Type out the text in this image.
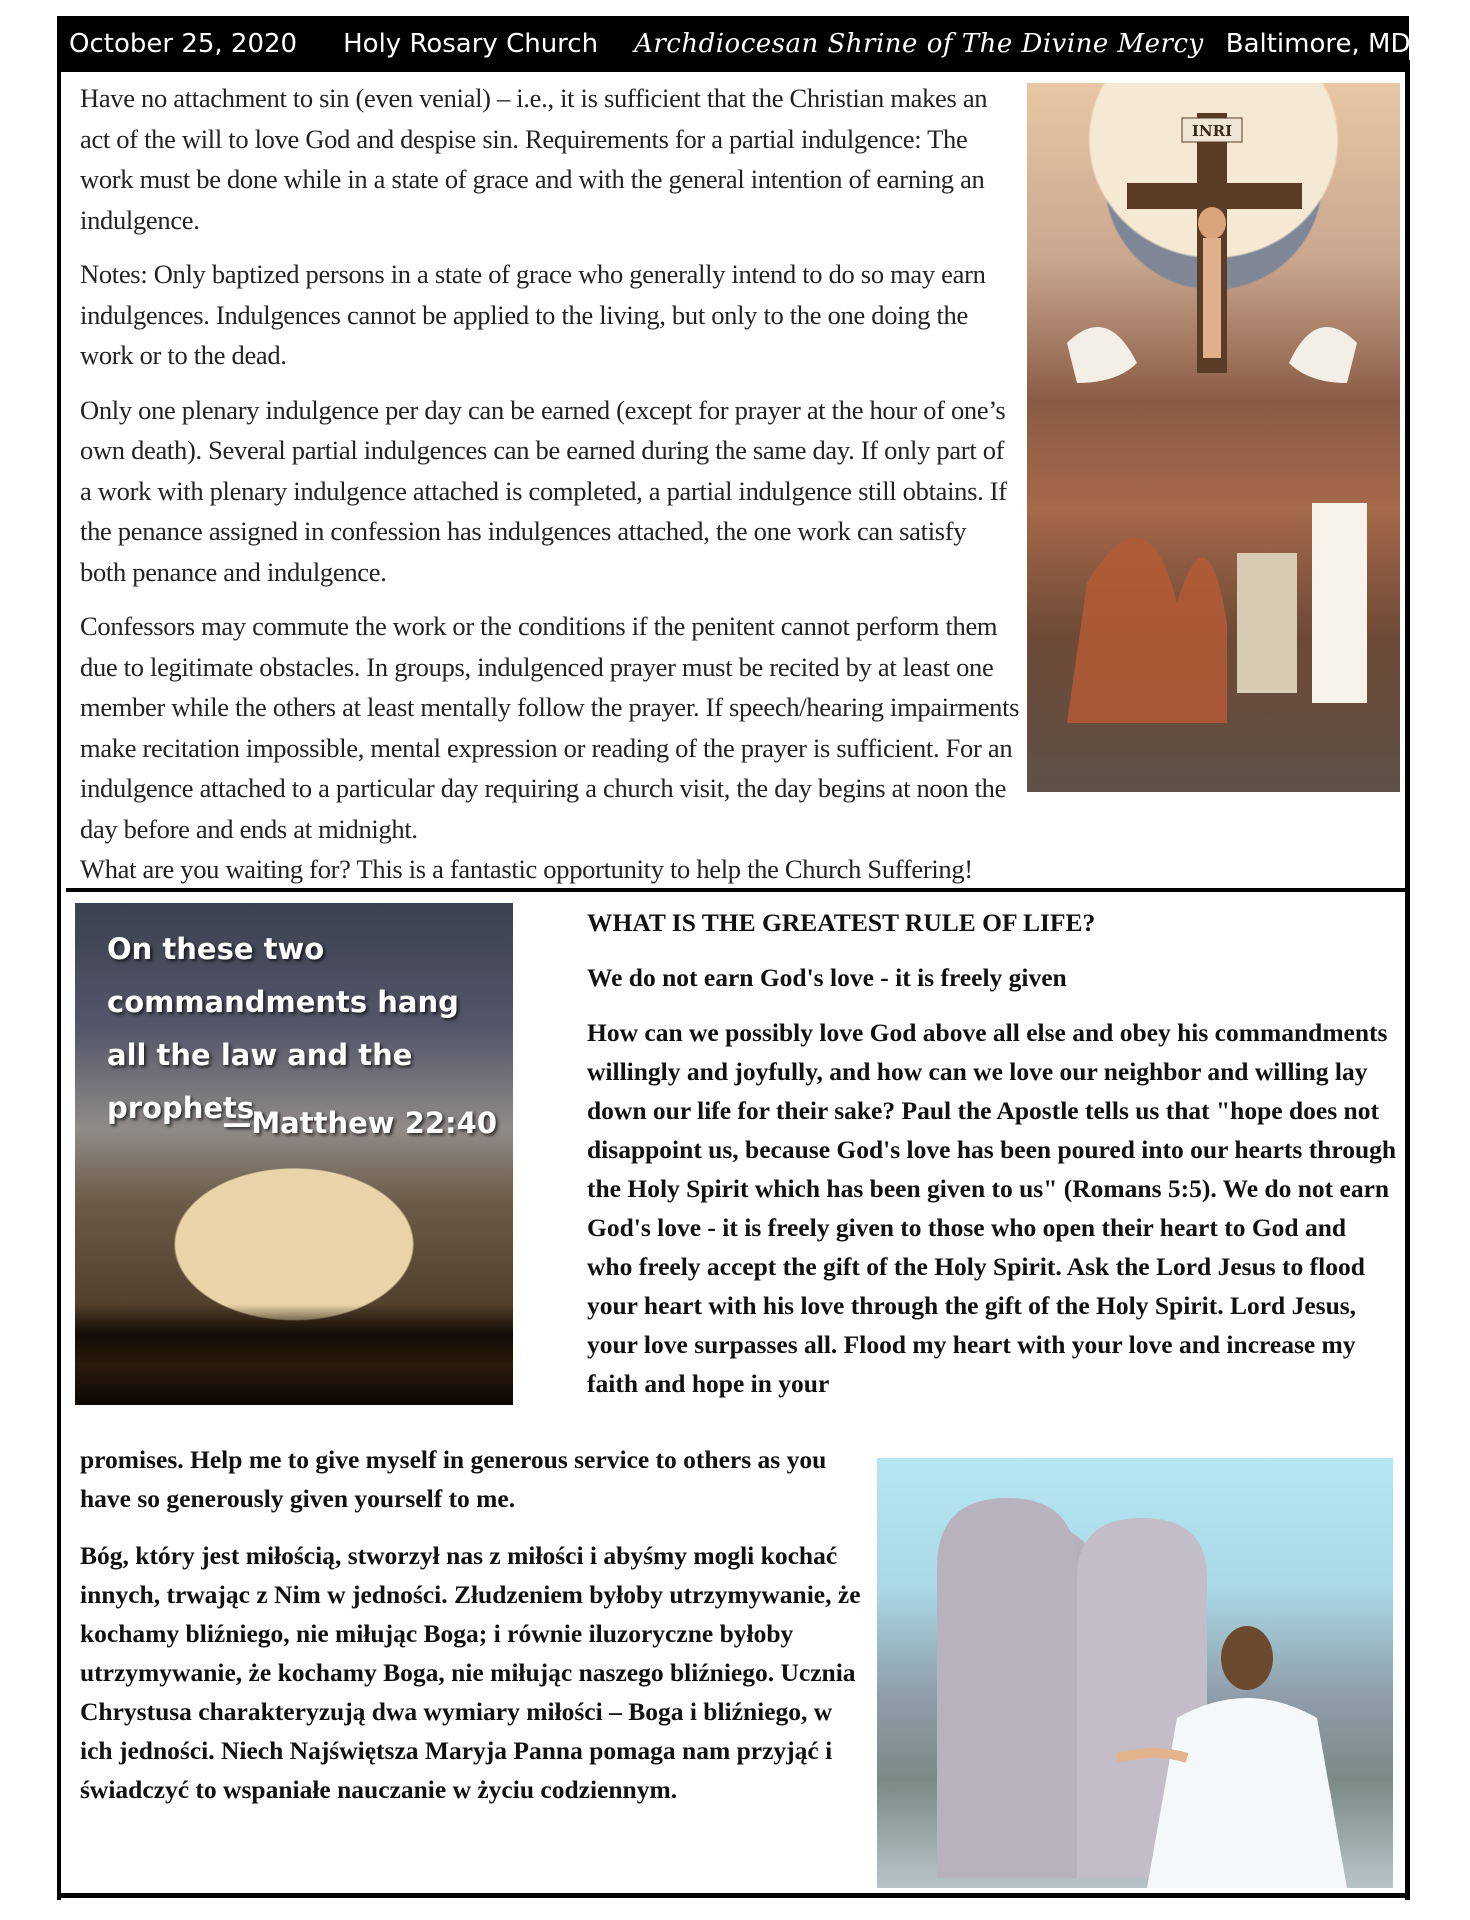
October 25, 2020 Holy Rosary Church Archdiocesan Shrine of The Divine Mercy Baltimore, MD

Have no attachment to sin (even venial) – i.e., it is sufficient that the Christian makes an act of the will to love God and despise sin. Requirements for a partial indulgence: The work must be done while in a state of grace and with the general intention of earning an indulgence.

Notes: Only baptized persons in a state of grace who generally intend to do so may earn indulgences. Indulgences cannot be applied to the living, but only to the one doing the work or to the dead.

Only one plenary indulgence per day can be earned (except for prayer at the hour of one’s own death). Several partial indulgences can be earned during the same day. If only part of a work with plenary indulgence attached is completed, a partial indulgence still obtains. If the penance assigned in confession has indulgences attached, the one work can satisfy both penance and indulgence.

Confessors may commute the work or the conditions if the penitent cannot perform them due to legitimate obstacles. In groups, indulgenced prayer must be recited by at least one member while the others at least mentally follow the prayer. If speech/hearing impairments make recitation impossible, mental expression or reading of the prayer is sufficient. For an indulgence attached to a particular day requiring a church visit, the day begins at noon the day before and ends at midnight.

What are you waiting for? This is a fantastic opportunity to help the Church Suffering!

INRI
On these two commandments hang all the law and the prophets.
—Matthew 22:40

WHAT IS THE GREATEST RULE OF LIFE?

We do not earn God's love - it is freely given

How can we possibly love God above all else and obey his commandments willingly and joyfully, and how can we love our neighbor and willing lay down our life for their sake? Paul the Apostle tells us that "hope does not disappoint us, because God's love has been poured into our hearts through the Holy Spirit which has been given to us" (Romans 5:5). We do not earn God's love - it is freely given to those who open their heart to God and who freely accept the gift of the Holy Spirit. Ask the Lord Jesus to flood your heart with his love through the gift of the Holy Spirit. Lord Jesus, your love surpasses all. Flood my heart with your love and increase my faith and hope in your

promises. Help me to give myself in generous service to others as you have so generously given yourself to me.

Bóg, który jest miłością, stworzył nas z miłości i abyśmy mogli kochać innych, trwając z Nim w jedności. Złudzeniem byłoby utrzymywanie, że kochamy bliźniego, nie miłując Boga; i równie iluzoryczne byłoby utrzymywanie, że kochamy Boga, nie miłując naszego bliźniego. Ucznia Chrystusa charakteryzują dwa wymiary miłości – Boga i bliźniego, w ich jedności. Niech Najświętsza Maryja Panna pomaga nam przyjąć i świadczyć to wspaniałe nauczanie w życiu codziennym.
